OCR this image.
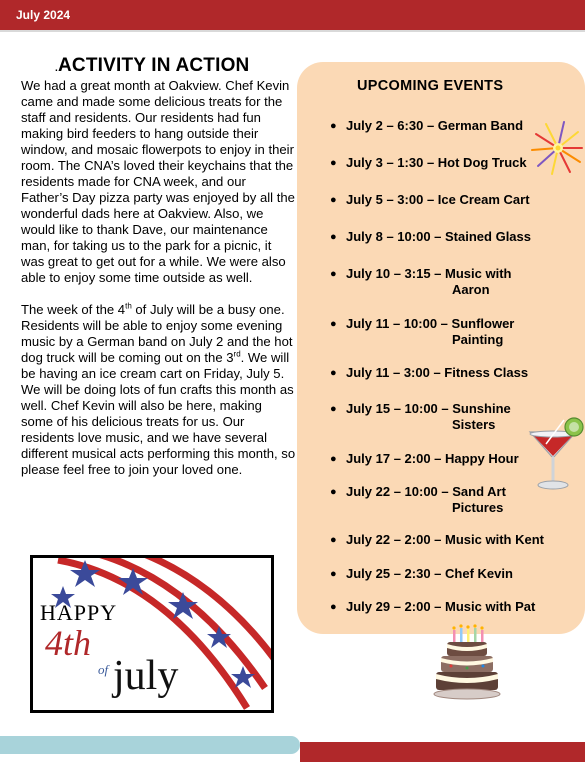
July 2024
.ACTIVITY IN ACTION

We had a great month at Oakview. Chef Kevin came and made some delicious treats for the staff and residents. Our residents had fun making bird feeders to hang outside their window, and mosaic flowerpots to enjoy in their room. The CNA’s loved their keychains that the residents made for CNA week, and our Father’s Day pizza party was enjoyed by all the wonderful dads here at Oakview. Also, we would like to thank Dave, our maintenance man, for taking us to the park for a picnic, it was great to get out for a while. We were also able to enjoy some time outside as well.

The week of the 4th of July will be a busy one. Residents will be able to enjoy some evening music by a German band on July 2 and the hot dog truck will be coming out on the 3rd. We will be having an ice cream cart on Friday, July 5. We will be doing lots of fun crafts this month as well. Chef Kevin will also be here, making some of his delicious treats for us. Our residents love music, and we have several different musical acts performing this month, so please feel free to join your loved one.

UPCOMING EVENTS
● July 2 – 6:30 – German Band
● July 3 – 1:30 – Hot Dog Truck
● July 5 – 3:00 – Ice Cream Cart
● July 8 – 10:00 – Stained Glass
● July 10 – 3:15 – Music with
Aaron
● July 11 – 10:00 – Sunflower
Painting
● July 11 – 3:00 – Fitness Class
● July 15 – 10:00 – Sunshine
Sisters
● July 17 – 2:00 – Happy Hour
● July 22 – 10:00 – Sand Art
Pictures
● July 22 – 2:00 – Music with Kent
● July 25 – 2:30 – Chef Kevin
● July 29 – 2:00 – Music with Pat
HAPPY
4th
of july
